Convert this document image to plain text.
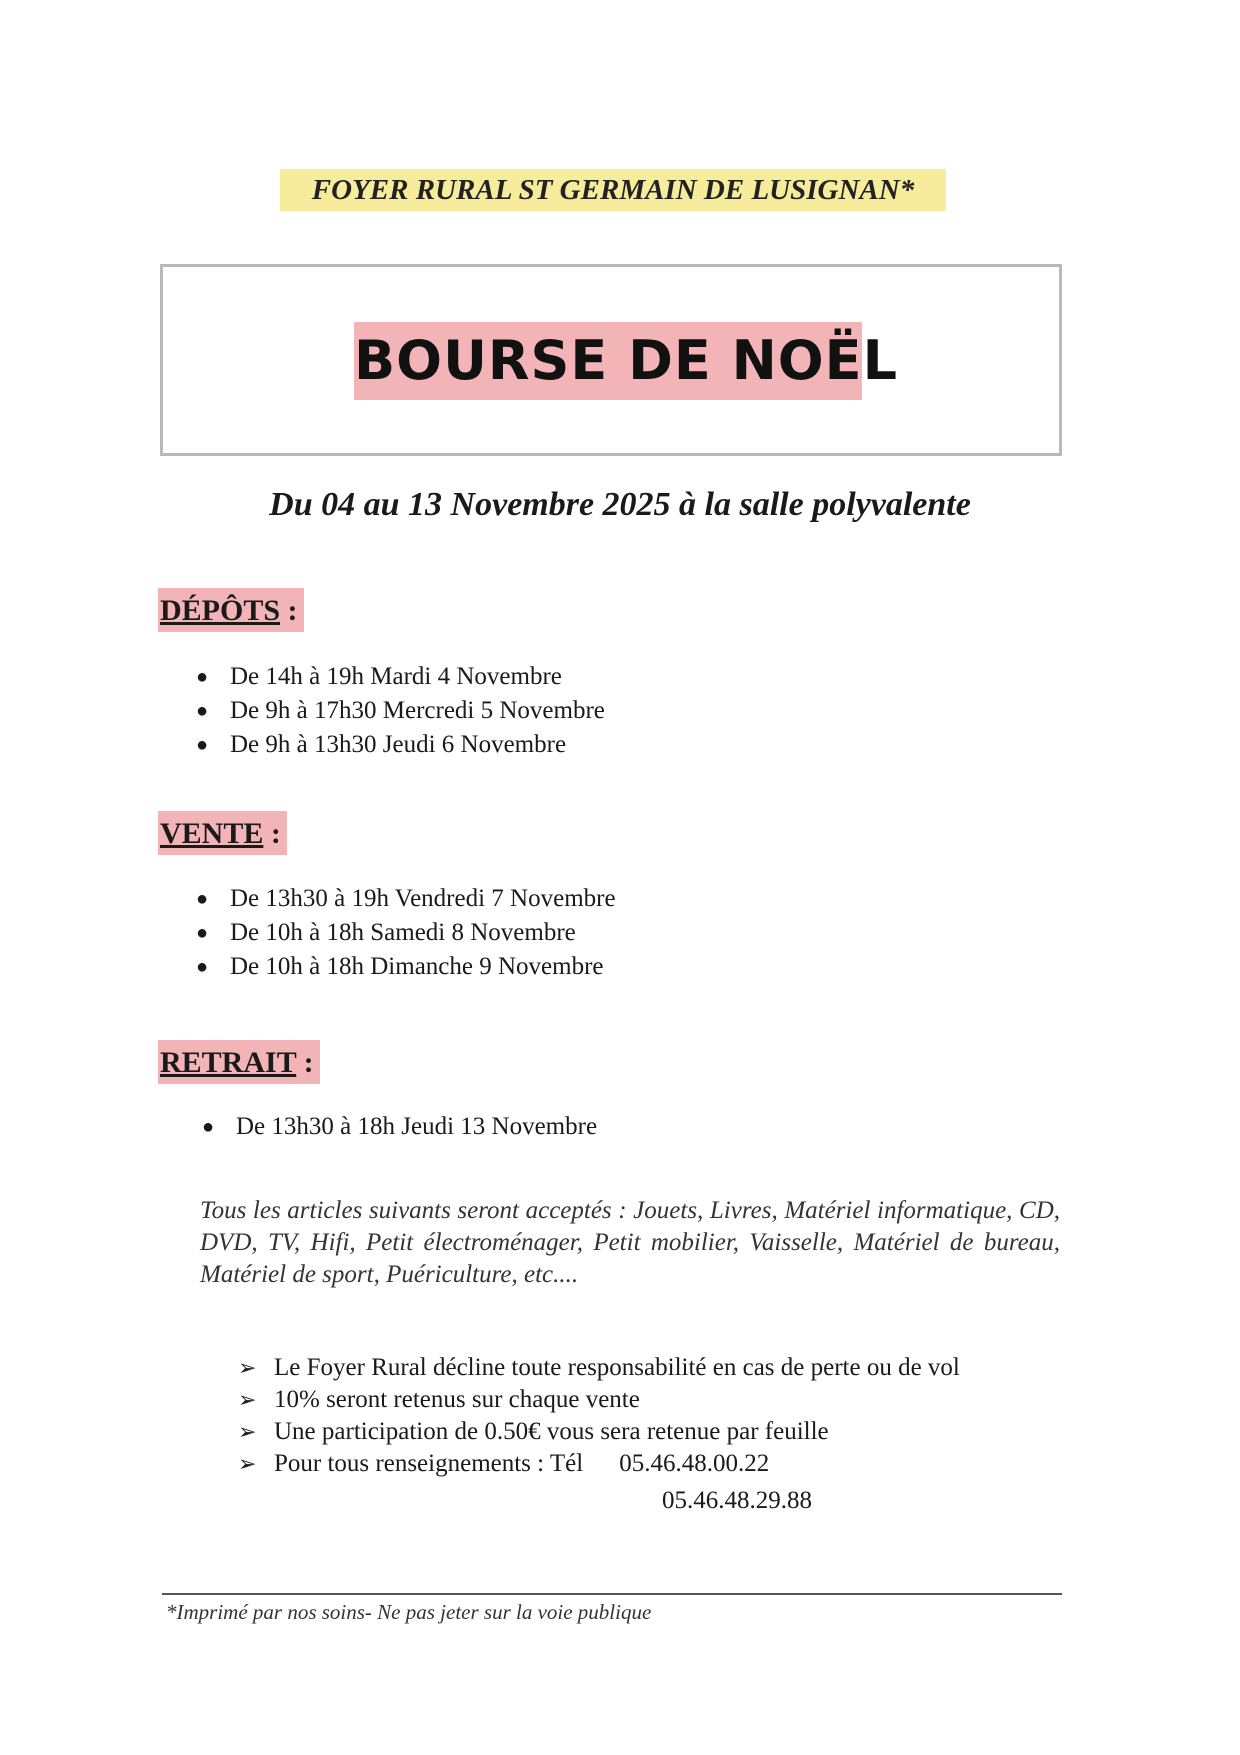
FOYER RURAL ST GERMAIN DE LUSIGNAN*
BOURSE DE NOËL
Du 04 au 13 Novembre 2025 à la salle polyvalente
DÉPÔTS :
● De 14h à 19h Mardi 4 Novembre
● De 9h à 17h30 Mercredi 5 Novembre
● De 9h à 13h30 Jeudi 6 Novembre
VENTE :
● De 13h30 à 19h Vendredi 7 Novembre
● De 10h à 18h Samedi 8 Novembre
● De 10h à 18h Dimanche 9 Novembre
RETRAIT :
● De 13h30 à 18h Jeudi 13 Novembre
Tous les articles suivants seront acceptés : Jouets, Livres, Matériel informatique, CD, DVD, TV, Hifi, Petit électroménager, Petit mobilier, Vaisselle, Matériel de bureau, Matériel de sport, Puériculture, etc....
➢ Le Foyer Rural décline toute responsabilité en cas de perte ou de vol
➢ 10% seront retenus sur chaque vente
➢ Une participation de 0.50€ vous sera retenue par feuille
➢ Pour tous renseignements : Tél 05.46.48.00.22
05.46.48.29.88
*Imprimé par nos soins- Ne pas jeter sur la voie publique
